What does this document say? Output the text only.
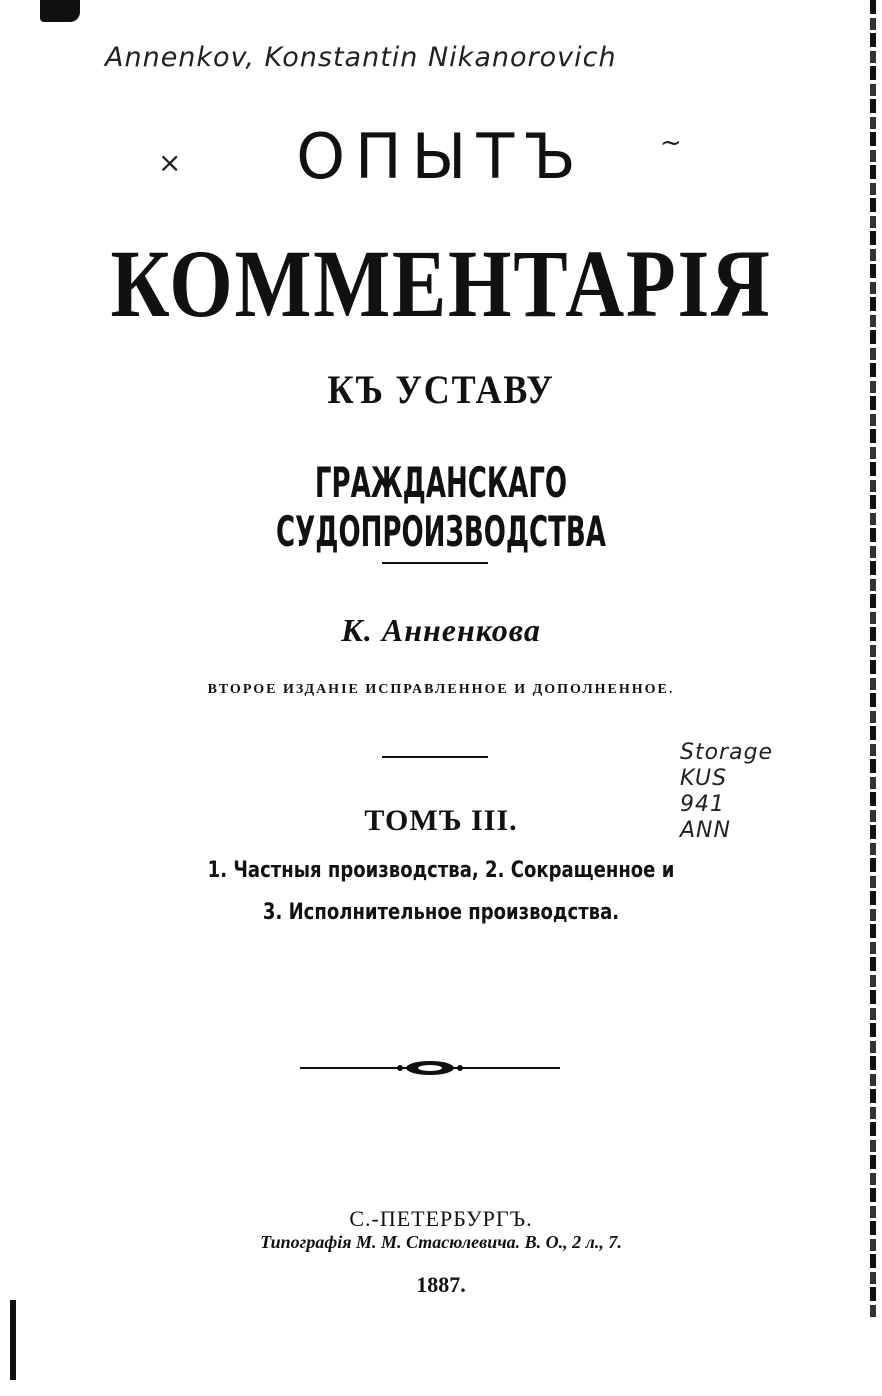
Annenkov, Konstantin Nikanorovich
×
~
ОПЫТЪ
КОММЕНТАРІЯ
КЪ УСТАВУ
ГРАЖДАНСКАГО СУДОПРОИЗВОДСТВА
К. Анненкова
ВТОРОЕ ИЗДАНІЕ ИСПРАВЛЕННОЕ И ДОПОЛНЕННОЕ.
Storage
KUS
941
ANN
ТОМЪ III.
1. Частныя производства, 2. Сокращенное и
3. Исполнительное производства.
С.-ПЕТЕРБУРГЪ.
Типографія М. М. Стасюлевича. В. О., 2 л., 7.
1887.
